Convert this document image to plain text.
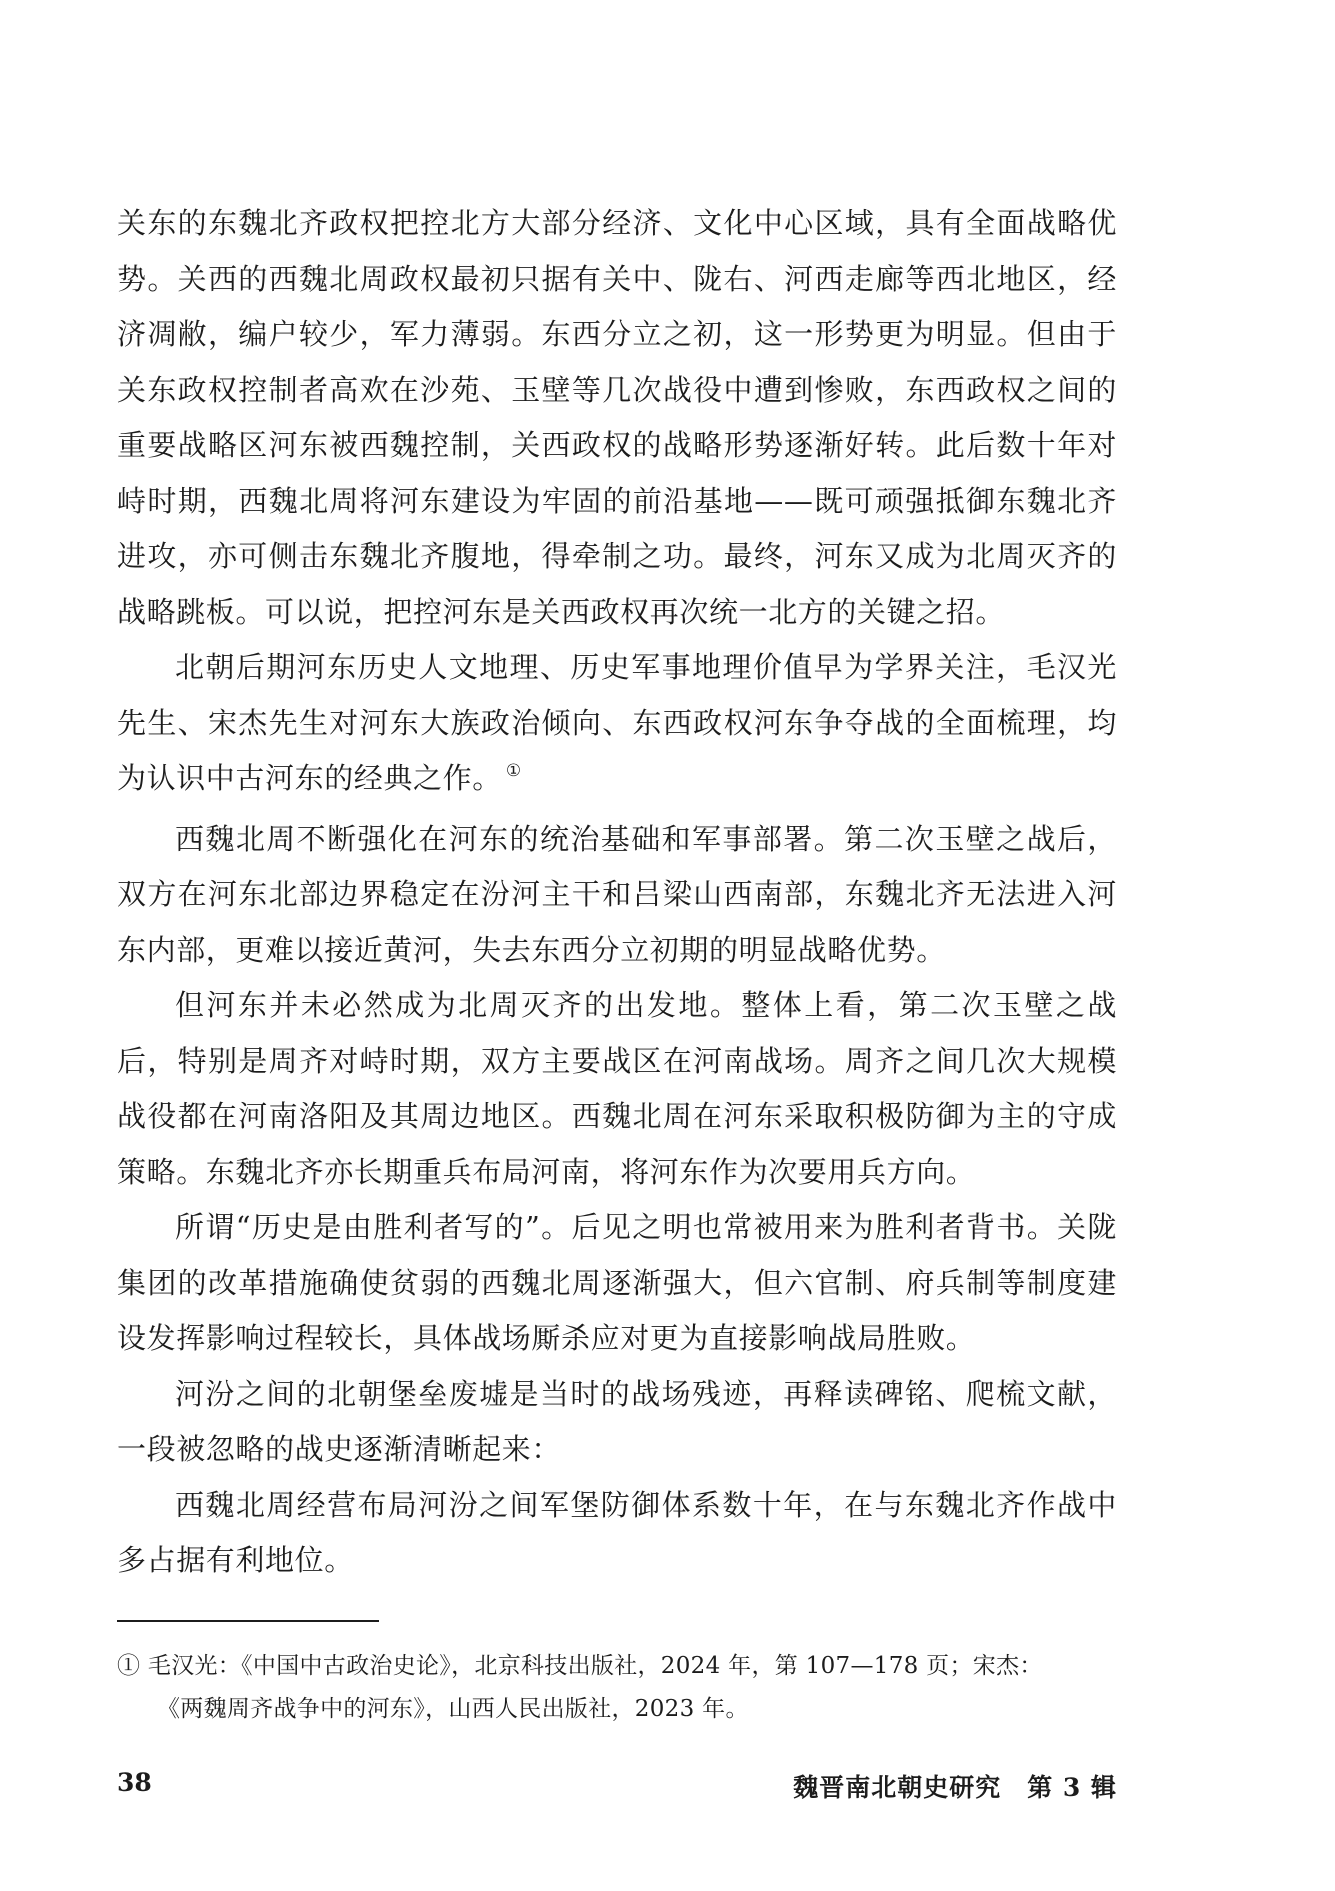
关东的东魏北齐政权把控北方大部分经济、文化中心区域，具有全面战略优势。关西的西魏北周政权最初只据有关中、陇右、河西走廊等西北地区，经济凋敝，编户较少，军力薄弱。东西分立之初，这一形势更为明显。但由于关东政权控制者高欢在沙苑、玉壁等几次战役中遭到惨败，东西政权之间的重要战略区河东被西魏控制，关西政权的战略形势逐渐好转。此后数十年对峙时期，西魏北周将河东建设为牢固的前沿基地——既可顽强抵御东魏北齐进攻，亦可侧击东魏北齐腹地，得牵制之功。最终，河东又成为北周灭齐的战略跳板。可以说，把控河东是关西政权再次统一北方的关键之招。

北朝后期河东历史人文地理、历史军事地理价值早为学界关注，毛汉光先生、宋杰先生对河东大族政治倾向、东西政权河东争夺战的全面梳理，均为认识中古河东的经典之作。 ①

西魏北周不断强化在河东的统治基础和军事部署。第二次玉壁之战后，双方在河东北部边界稳定在汾河主干和吕梁山西南部，东魏北齐无法进入河东内部，更难以接近黄河，失去东西分立初期的明显战略优势。

但河东并未必然成为北周灭齐的出发地。整体上看，第二次玉壁之战后，特别是周齐对峙时期，双方主要战区在河南战场。周齐之间几次大规模战役都在河南洛阳及其周边地区。西魏北周在河东采取积极防御为主的守成策略。东魏北齐亦长期重兵布局河南，将河东作为次要用兵方向。

所谓“历史是由胜利者写的”。后见之明也常被用来为胜利者背书。关陇集团的改革措施确使贫弱的西魏北周逐渐强大，但六官制、府兵制等制度建设发挥影响过程较长，具体战场厮杀应对更为直接影响战局胜败。

河汾之间的北朝堡垒废墟是当时的战场残迹，再释读碑铭、爬梳文献，一段被忽略的战史逐渐清晰起来：

西魏北周经营布局河汾之间军堡防御体系数十年，在与东魏北齐作战中多占据有利地位。

① 毛汉光：《中国中古政治史论》，北京科技出版社，2024 年，第 107—178 页；宋杰：

《两魏周齐战争中的河东》，山西人民出版社，2023 年。

38	魏晋南北朝史研究　第 3 辑
